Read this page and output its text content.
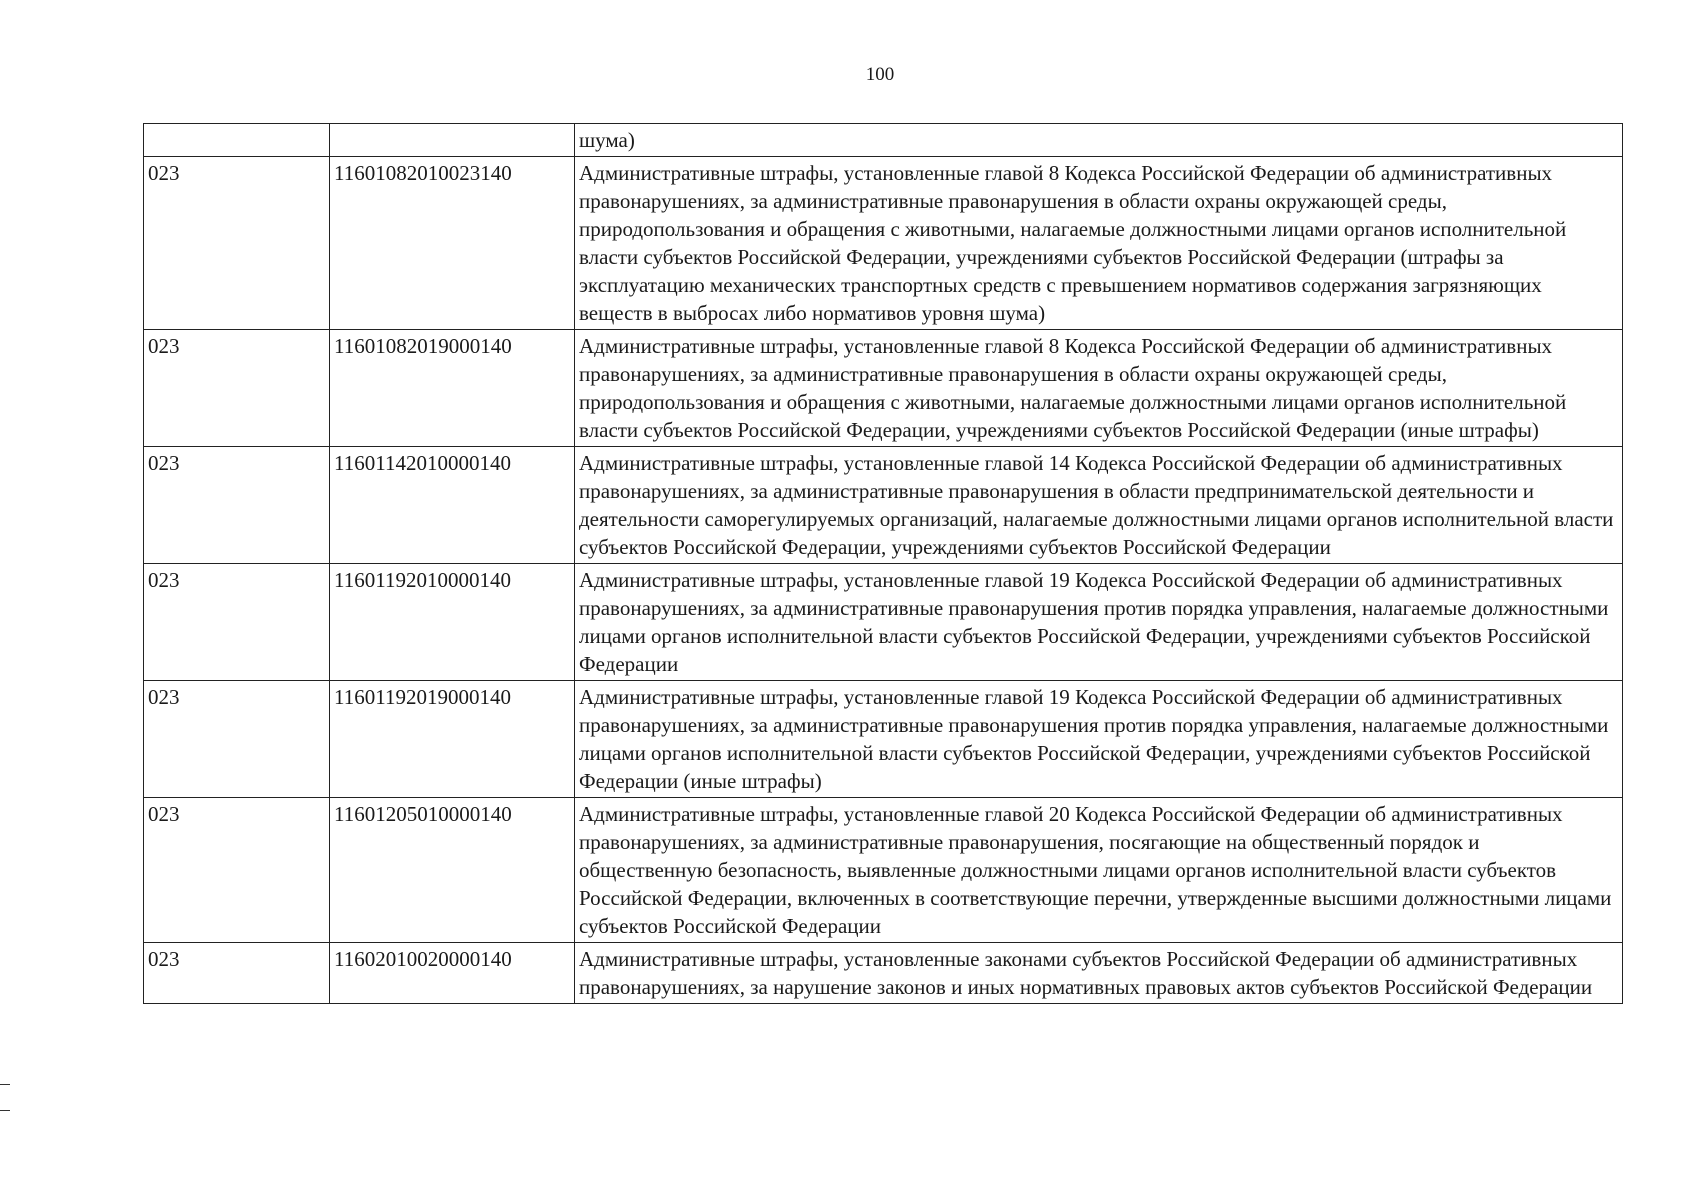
100
		шума)
023	11601082010023140	Административные штрафы, установленные главой 8 Кодекса Российской Федерации об административных правонарушениях, за административные правонарушения в области охраны окружающей среды, природопользования и обращения с животными, налагаемые должностными лицами органов исполнительной власти субъектов Российской Федерации, учреждениями субъектов Российской Федерации (штрафы за эксплуатацию механических транспортных средств с превышением нормативов содержания загрязняющих веществ в выбросах либо нормативов уровня шума)
023	11601082019000140	Административные штрафы, установленные главой 8 Кодекса Российской Федерации об административных правонарушениях, за административные правонарушения в области охраны окружающей среды, природопользования и обращения с животными, налагаемые должностными лицами органов исполнительной власти субъектов Российской Федерации, учреждениями субъектов Российской Федерации (иные штрафы)
023	11601142010000140	Административные штрафы, установленные главой 14 Кодекса Российской Федерации об административных правонарушениях, за административные правонарушения в области предпринимательской деятельности и деятельности саморегулируемых организаций, налагаемые должностными лицами органов исполнительной власти субъектов Российской Федерации, учреждениями субъектов Российской Федерации
023	11601192010000140	Административные штрафы, установленные главой 19 Кодекса Российской Федерации об административных правонарушениях, за административные правонарушения против порядка управления, налагаемые должностными лицами органов исполнительной власти субъектов Российской Федерации, учреждениями субъектов Российской Федерации
023	11601192019000140	Административные штрафы, установленные главой 19 Кодекса Российской Федерации об административных правонарушениях, за административные правонарушения против порядка управления, налагаемые должностными лицами органов исполнительной власти субъектов Российской Федерации, учреждениями субъектов Российской Федерации (иные штрафы)
023	11601205010000140	Административные штрафы, установленные главой 20 Кодекса Российской Федерации об административных правонарушениях, за административные правонарушения, посягающие на общественный порядок и общественную безопасность, выявленные должностными лицами органов исполнительной власти субъектов Российской Федерации, включенных в соответствующие перечни, утвержденные высшими должностными лицами субъектов Российской Федерации
023	11602010020000140	Административные штрафы, установленные законами субъектов Российской Федерации об административных правонарушениях, за нарушение законов и иных нормативных правовых актов субъектов Российской Федерации
